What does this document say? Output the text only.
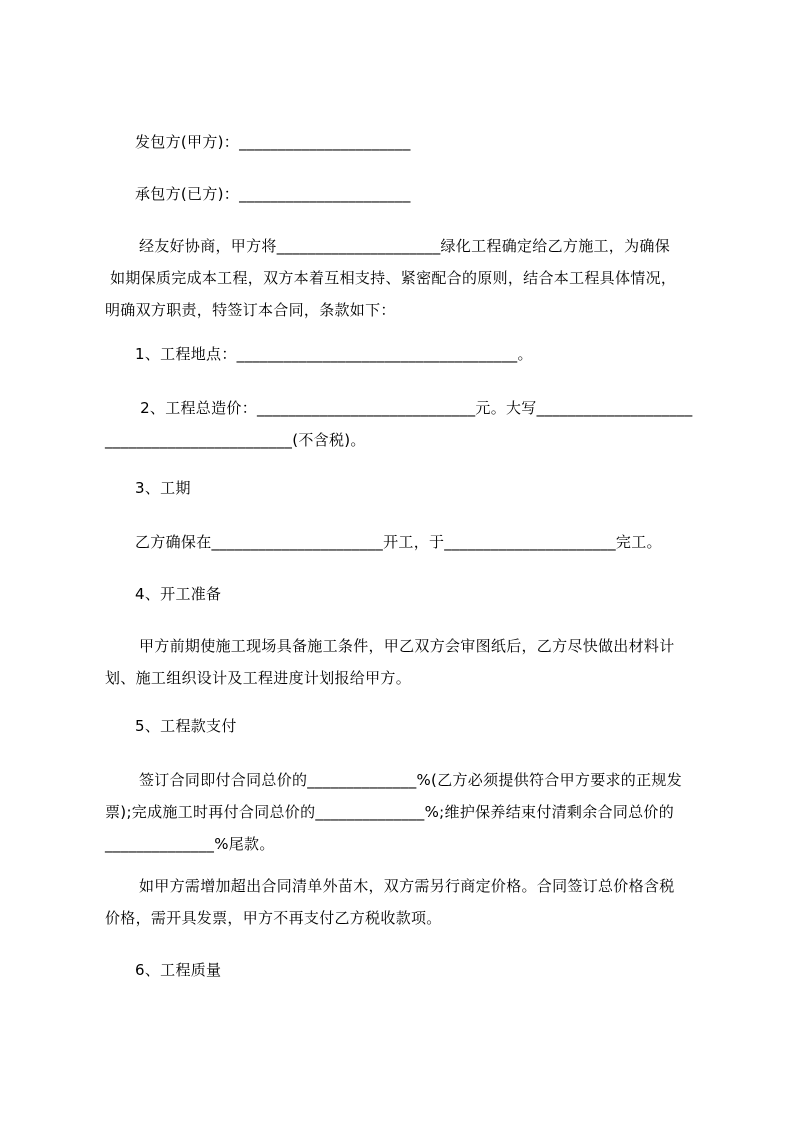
发包方(甲方)：______________________
承包方(已方)：______________________
经友好协商，甲方将_____________________绿化工程确定给乙方施工，为确保
如期保质完成本工程，双方本着互相支持、紧密配合的原则，结合本工程具体情况，
明确双方职责，特签订本合同，条款如下：
1、工程地点：____________________________________。
2、工程总造价：____________________________元。大写____________________
________________________(不含税)。
3、工期
乙方确保在______________________开工，于______________________完工。
4、开工准备
甲方前期使施工现场具备施工条件，甲乙双方会审图纸后，乙方尽快做出材料计
划、施工组织设计及工程进度计划报给甲方。
5、工程款支付
签订合同即付合同总价的______________%(乙方必须提供符合甲方要求的正规发
票);完成施工时再付合同总价的______________%;维护保养结束付清剩余合同总价的
______________%尾款。
如甲方需增加超出合同清单外苗木，双方需另行商定价格。合同签订总价格含税
价格，需开具发票，甲方不再支付乙方税收款项。
6、工程质量
